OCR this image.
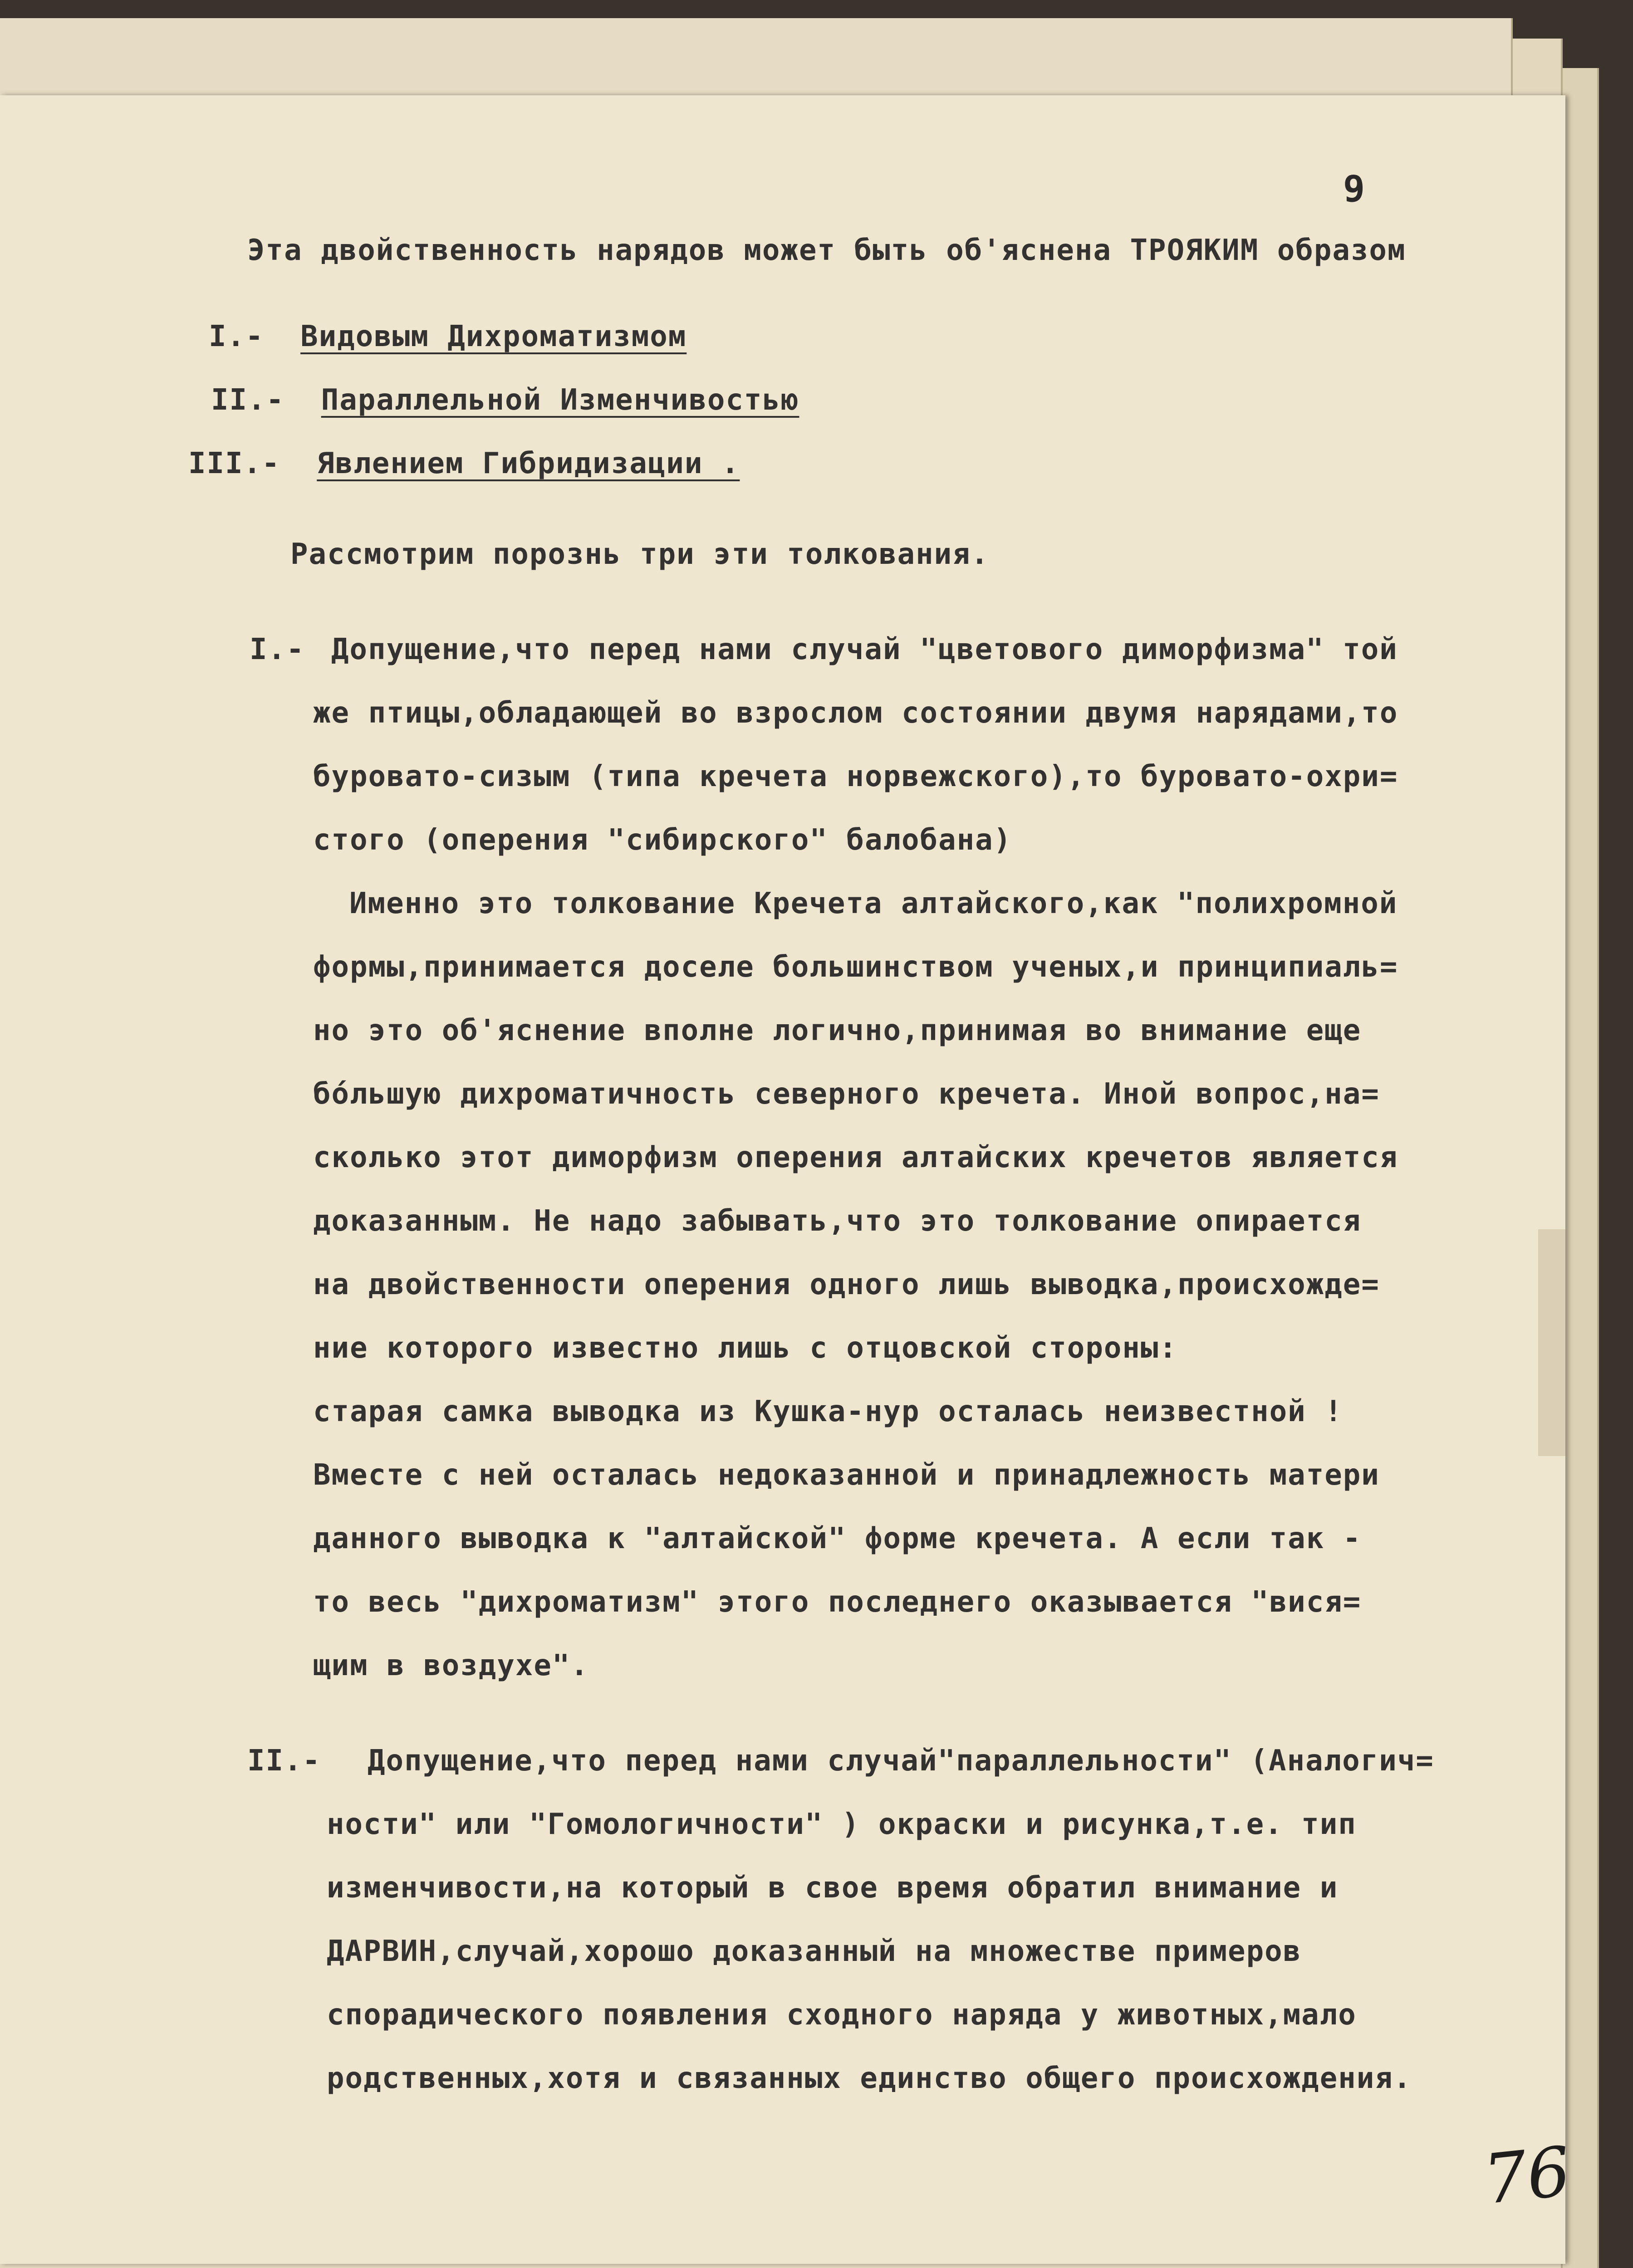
9
Эта двойственность нарядов может быть об'яснена ТРОЯКИМ образом
I.- Видовым Дихроматизмом
II.- Параллельной Изменчивостью
III.- Явлением Гибридизации .
Рассмотрим порознь три эти толкования.
I.- Допущение,что перед нами случай "цветового диморфизма" той
же птицы,обладающей во взрослом состоянии двумя нарядами,то
буровато-сизым (типа кречета норвежского),то буровато-охри=
стого (оперения "сибирского" балобана)
Именно это толкование Кречета алтайского,как "полихромной
формы,принимается доселе большинством ученых,и принципиаль=
но это об'яснение вполне логично,принимая во внимание еще
бо́льшую дихроматичность северного кречета. Иной вопрос,на=
сколько этот диморфизм оперения алтайских кречетов является
доказанным. Не надо забывать,что это толкование опирается
на двойственности оперения одного лишь выводка,происхожде=
ние которого известно лишь с отцовской стороны:
старая самка выводка из Кушка-нур осталась неизвестной !
Вместе с ней осталась недоказанной и принадлежность матери
данного выводка к "алтайской" форме кречета. А если так -
то весь "дихроматизм" этого последнего оказывается "вися=
щим в воздухе".
II.- Допущение,что перед нами случай"параллельности" (Аналогич=
ности" или "Гомологичности" ) окраски и рисунка,т.е. тип
изменчивости,на который в свое время обратил внимание и
ДАРВИН,случай,хорошо доказанный на множестве примеров
спорадического появления сходного наряда у животных,мало
родственных,хотя и связанных единство общего происхождения.
76
